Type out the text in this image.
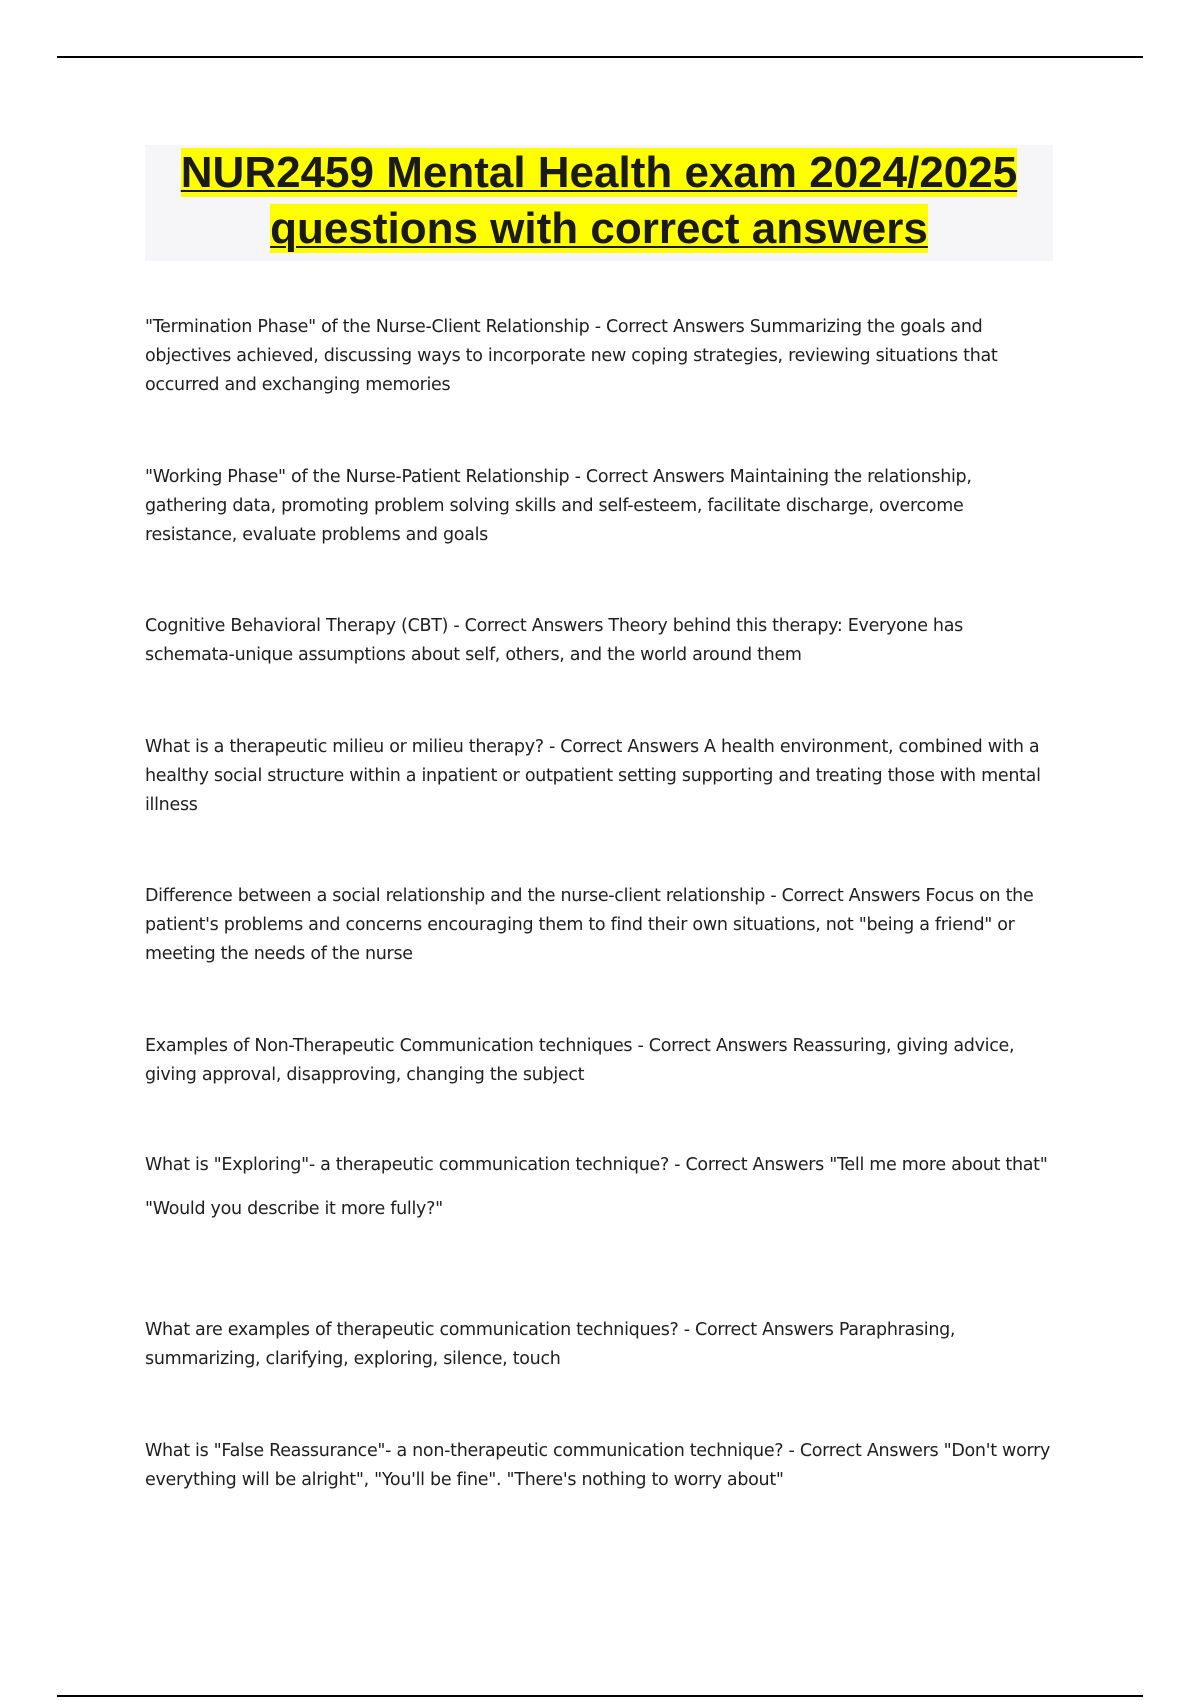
NUR2459 Mental Health exam 2024/2025 questions with correct answers

"Termination Phase" of the Nurse-Client Relationship - Correct Answers Summarizing the goals and objectives achieved, discussing ways to incorporate new coping strategies, reviewing situations that occurred and exchanging memories

"Working Phase" of the Nurse-Patient Relationship - Correct Answers Maintaining the relationship, gathering data, promoting problem solving skills and self-esteem, facilitate discharge, overcome resistance, evaluate problems and goals

Cognitive Behavioral Therapy (CBT) - Correct Answers Theory behind this therapy: Everyone has schemata-unique assumptions about self, others, and the world around them

What is a therapeutic milieu or milieu therapy? - Correct Answers A health environment, combined with a healthy social structure within a inpatient or outpatient setting supporting and treating those with mental illness

Difference between a social relationship and the nurse-client relationship - Correct Answers Focus on the patient's problems and concerns encouraging them to find their own situations, not "being a friend" or meeting the needs of the nurse

Examples of Non-Therapeutic Communication techniques - Correct Answers Reassuring, giving advice, giving approval, disapproving, changing the subject

What is "Exploring"- a therapeutic communication technique? - Correct Answers "Tell me more about that"

"Would you describe it more fully?"

What are examples of therapeutic communication techniques? - Correct Answers Paraphrasing, summarizing, clarifying, exploring, silence, touch

What is "False Reassurance"- a non-therapeutic communication technique? - Correct Answers "Don't worry everything will be alright", "You'll be fine". "There's nothing to worry about"
